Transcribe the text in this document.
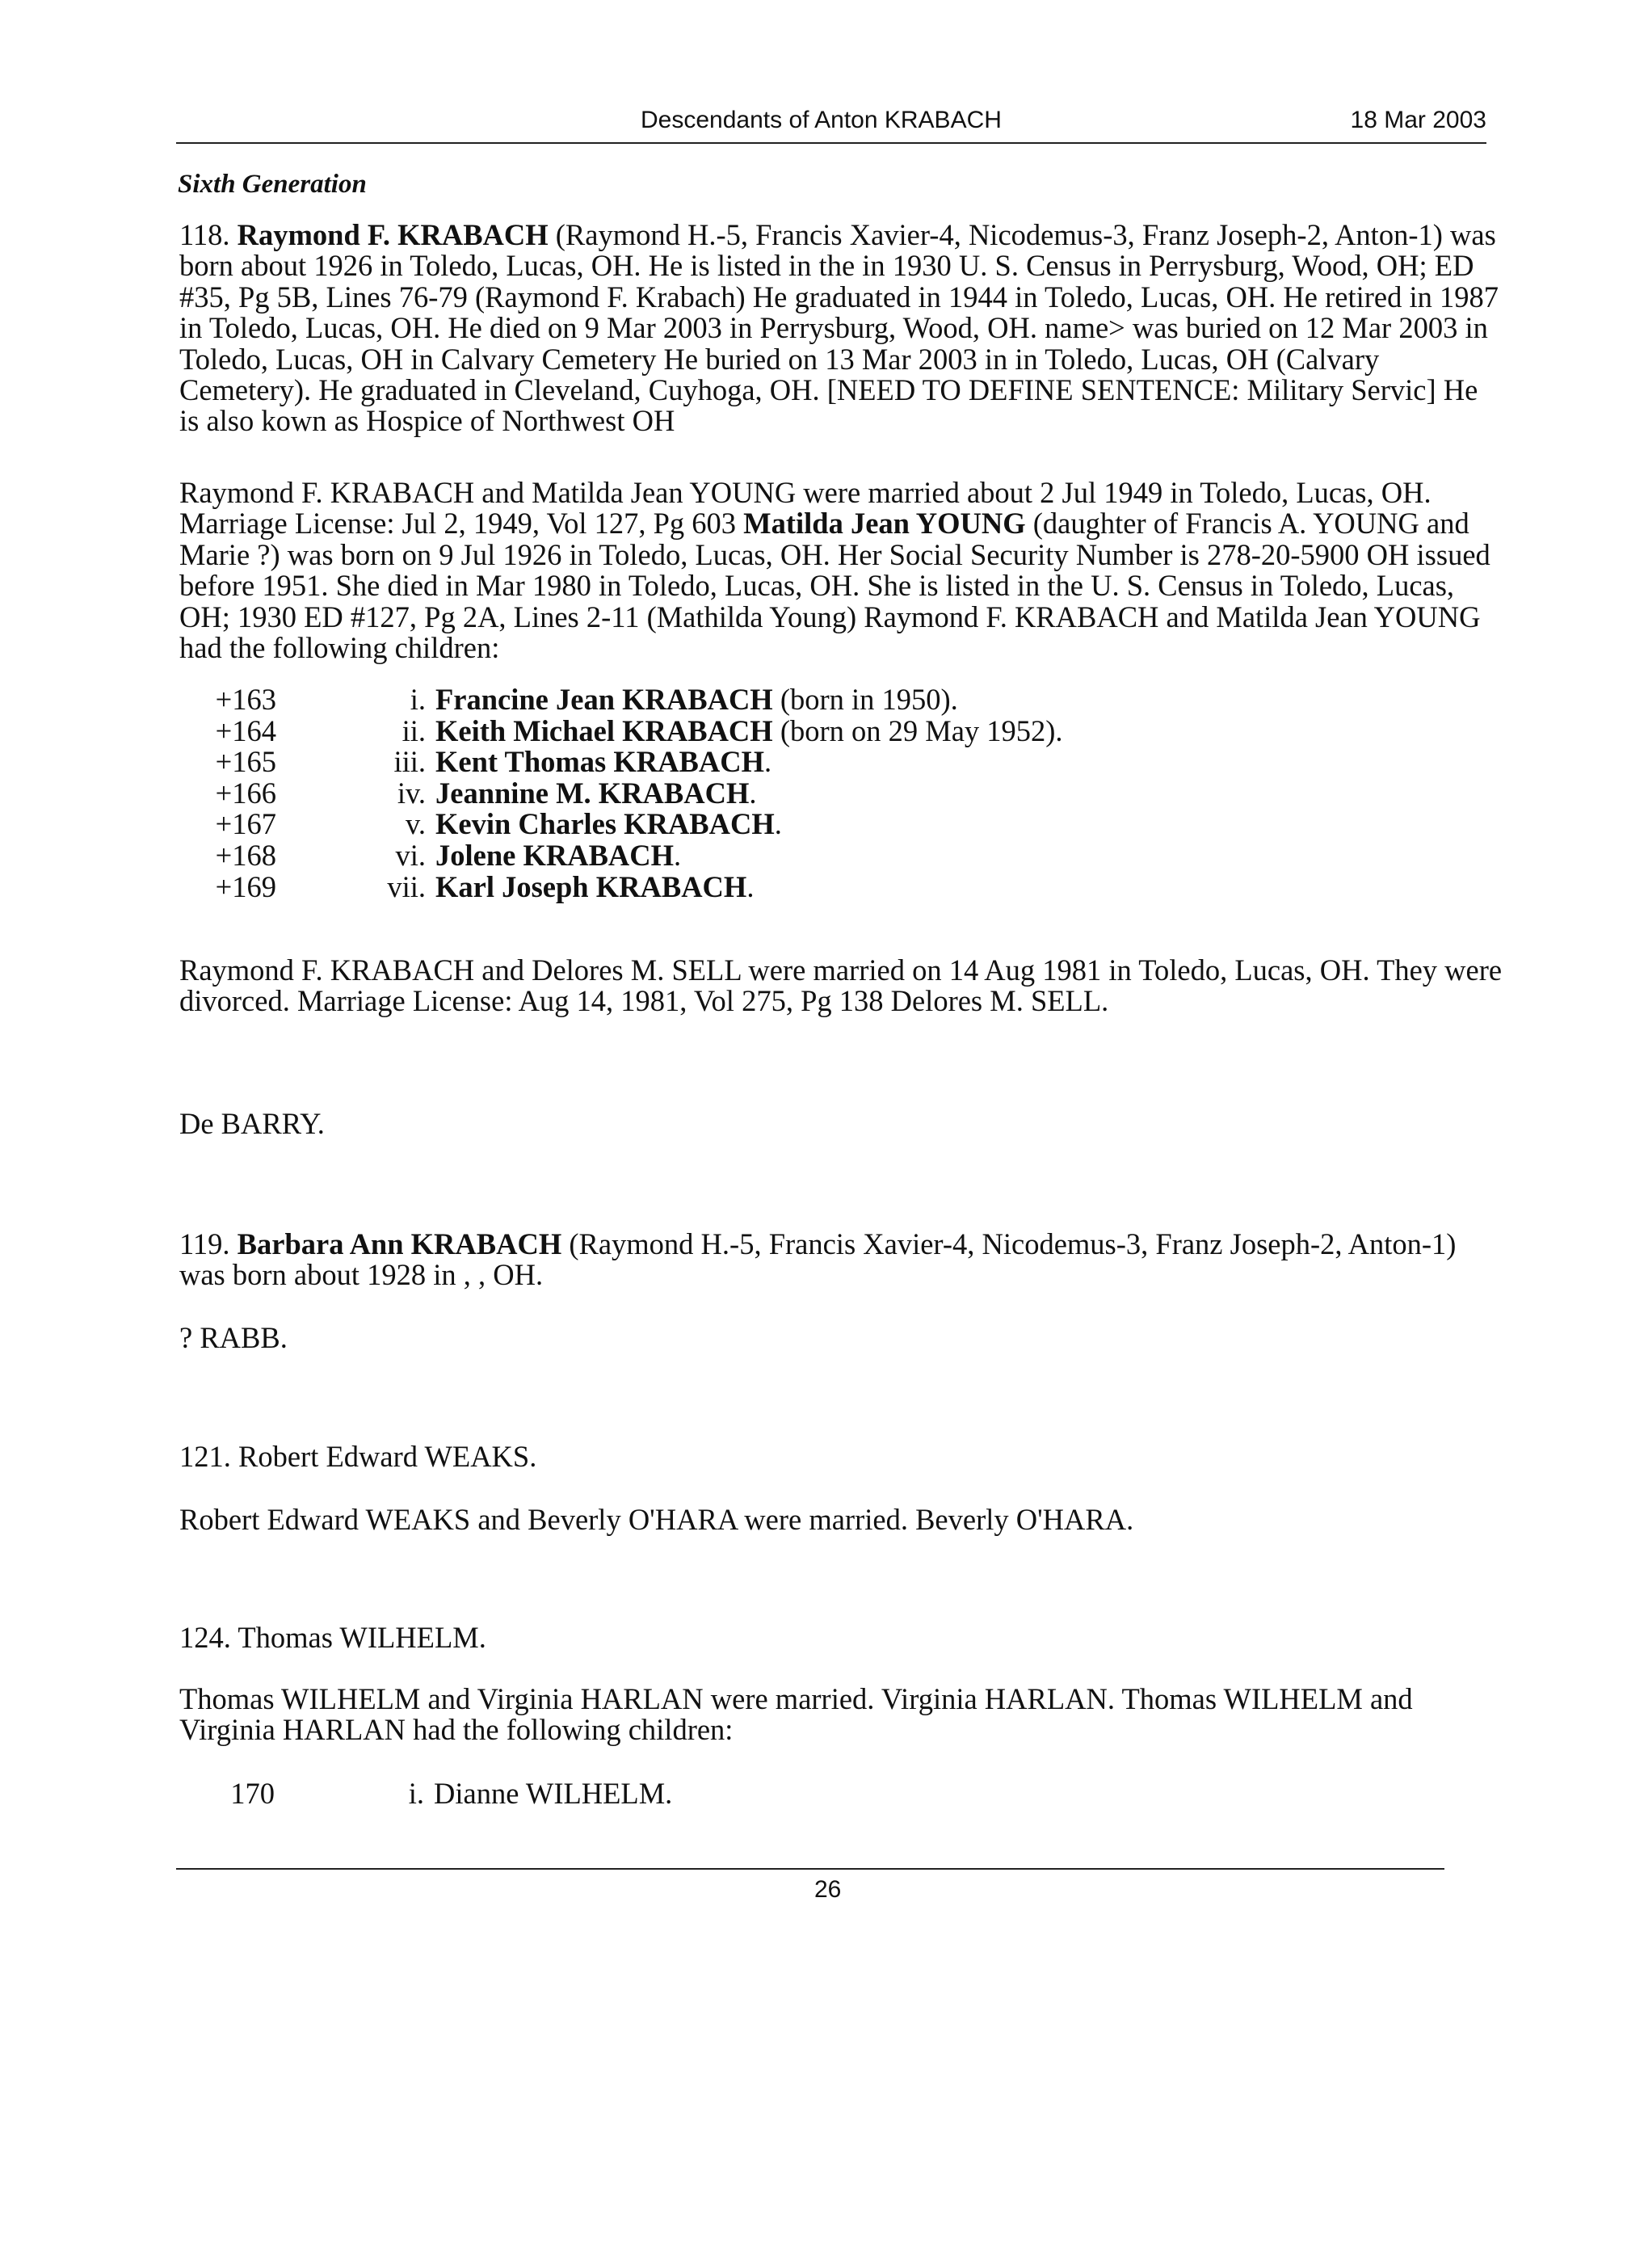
Descendants of Anton KRABACH	18 Mar 2003
Sixth Generation
118. Raymond F. KRABACH (Raymond H.-5, Francis Xavier-4, Nicodemus-3, Franz Joseph-2, Anton-1) was born about 1926 in Toledo, Lucas, OH. He is listed in the in 1930 U. S. Census in Perrysburg, Wood, OH; ED #35, Pg 5B, Lines 76-79 (Raymond F. Krabach) He graduated in 1944 in Toledo, Lucas, OH. He retired in 1987 in Toledo, Lucas, OH. He died on 9 Mar 2003 in Perrysburg, Wood, OH. name> was buried on 12 Mar 2003 in Toledo, Lucas, OH in Calvary Cemetery He buried on 13 Mar 2003 in in Toledo, Lucas, OH (Calvary Cemetery). He graduated in Cleveland, Cuyhoga, OH. [NEED TO DEFINE SENTENCE: Military Servic] He is also kown as Hospice of Northwest OH
Raymond F. KRABACH and Matilda Jean YOUNG were married about 2 Jul 1949 in Toledo, Lucas, OH. Marriage License: Jul 2, 1949, Vol 127, Pg 603 Matilda Jean YOUNG (daughter of Francis A. YOUNG and Marie ?) was born on 9 Jul 1926 in Toledo, Lucas, OH. Her Social Security Number is 278-20-5900 OH issued before 1951. She died in Mar 1980 in Toledo, Lucas, OH. She is listed in the U. S. Census in Toledo, Lucas, OH; 1930 ED #127, Pg 2A, Lines 2-11 (Mathilda Young) Raymond F. KRABACH and Matilda Jean YOUNG had the following children:
+163	i. Francine Jean KRABACH (born in 1950).
+164	ii. Keith Michael KRABACH (born on 29 May 1952).
+165	iii. Kent Thomas KRABACH.
+166	iv. Jeannine M. KRABACH.
+167	v. Kevin Charles KRABACH.
+168	vi. Jolene KRABACH.
+169	vii. Karl Joseph KRABACH.
Raymond F. KRABACH and Delores M. SELL were married on 14 Aug 1981 in Toledo, Lucas, OH. They were divorced. Marriage License: Aug 14, 1981, Vol 275, Pg 138 Delores M. SELL.
De BARRY.
119. Barbara Ann KRABACH (Raymond H.-5, Francis Xavier-4, Nicodemus-3, Franz Joseph-2, Anton-1) was born about 1928 in , , OH.
? RABB.
121. Robert Edward WEAKS.
Robert Edward WEAKS and Beverly O'HARA were married. Beverly O'HARA.
124. Thomas WILHELM.
Thomas WILHELM and Virginia HARLAN were married. Virginia HARLAN. Thomas WILHELM and Virginia HARLAN had the following children:
170	i. Dianne WILHELM.
26
